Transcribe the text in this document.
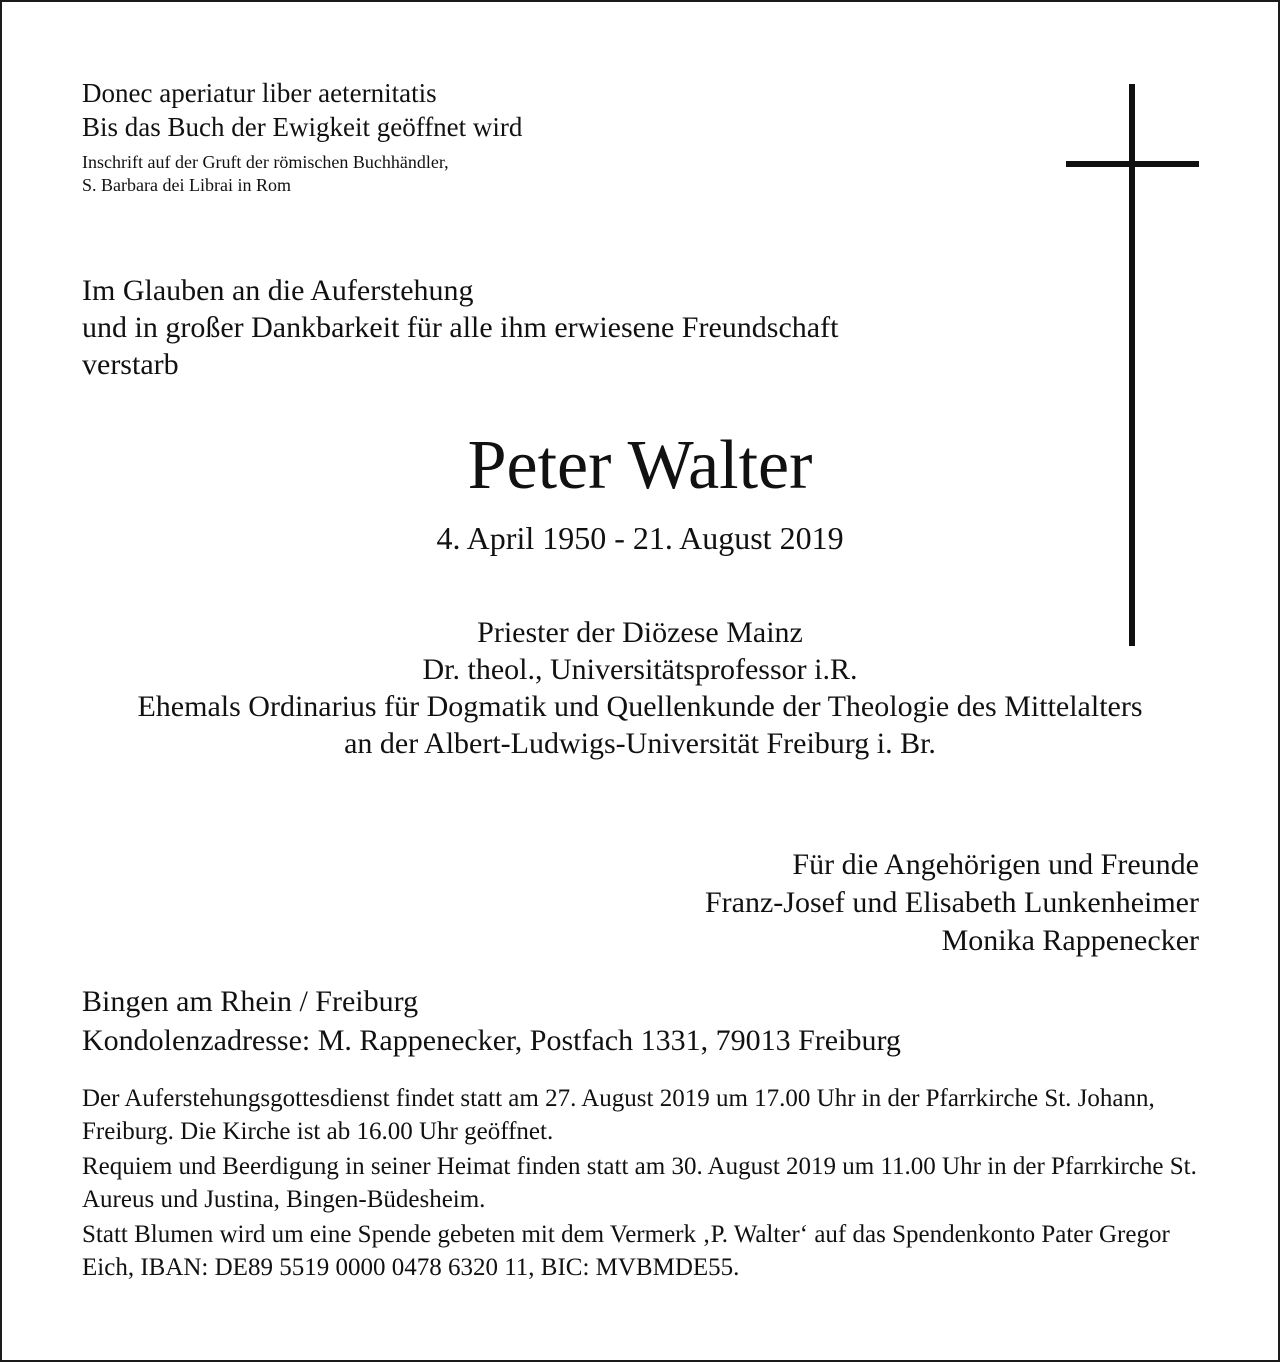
Donec aperiatur liber aeternitatis
Bis das Buch der Ewigkeit geöffnet wird
Inschrift auf der Gruft der römischen Buchhändler,
S. Barbara dei Librai in Rom
Im Glauben an die Auferstehung
und in großer Dankbarkeit für alle ihm erwiesene Freundschaft
verstarb
Peter Walter
4. April 1950 - 21. August 2019
Priester der Diözese Mainz
Dr. theol., Universitätsprofessor i.R.
Ehemals Ordinarius für Dogmatik und Quellenkunde der Theologie des Mittelalters
an der Albert-Ludwigs-Universität Freiburg i. Br.
Für die Angehörigen und Freunde
Franz-Josef und Elisabeth Lunkenheimer
Monika Rappenecker
Bingen am Rhein / Freiburg
Kondolenzadresse: M. Rappenecker, Postfach 1331, 79013 Freiburg

Der Auferstehungsgottesdienst findet statt am 27. August 2019 um 17.00 Uhr in der Pfarrkirche St. Johann, Freiburg. Die Kirche ist ab 16.00 Uhr geöffnet.

Requiem und Beerdigung in seiner Heimat finden statt am 30. August 2019 um 11.00 Uhr in der Pfarrkirche St. Aureus und Justina, Bingen-Büdesheim.

Statt Blumen wird um eine Spende gebeten mit dem Vermerk ‚P. Walter‘ auf das Spendenkonto Pater Gregor Eich, IBAN: DE89 5519 0000 0478 6320 11, BIC: MVBMDE55.
